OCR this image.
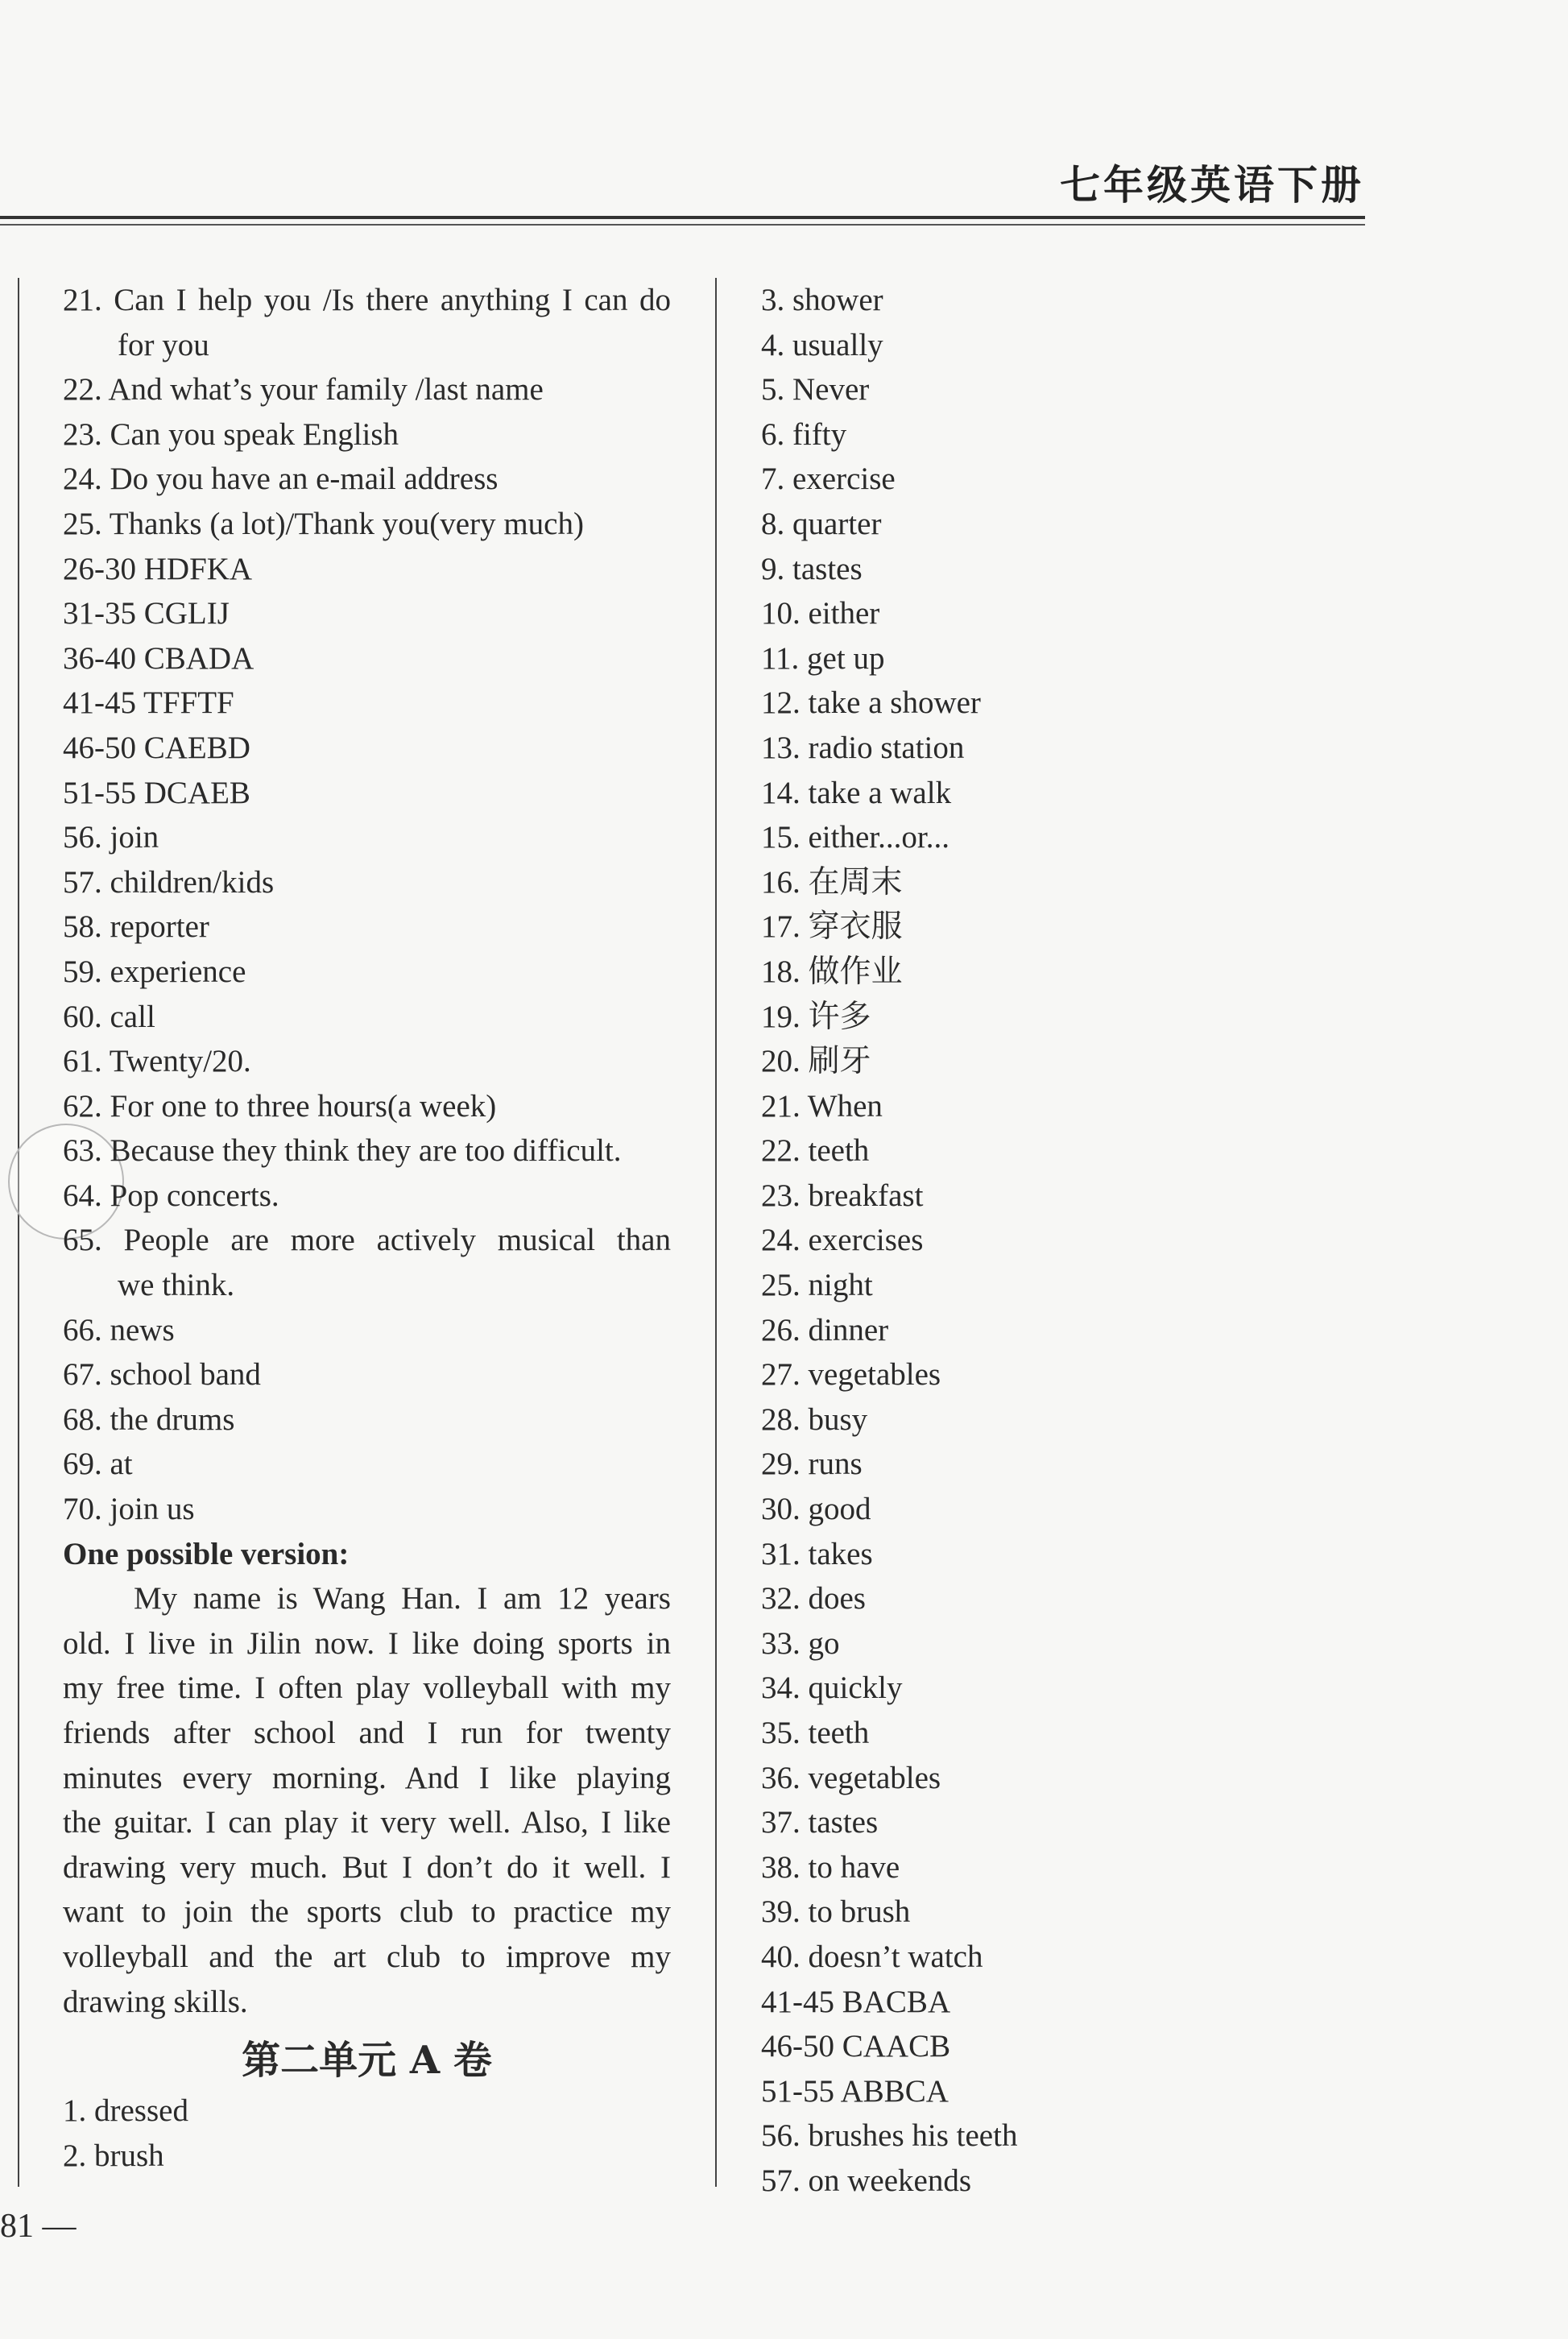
七年级英语下册
21. Can I help you /Is there anything I can do
for you
22. And what’s your family /last name
23. Can you speak English
24. Do you have an e-mail address
25. Thanks (a lot)/Thank you(very much)
26-30 HDFKA
31-35 CGLIJ
36-40 CBADA
41-45 TFFTF
46-50 CAEBD
51-55 DCAEB
56. join
57. children/kids
58. reporter
59. experience
60. call
61. Twenty/20.
62. For one to three hours(a week)
63. Because they think they are too difficult.
64. Pop concerts.
65. People are more actively musical than
we think.
66. news
67. school band
68. the drums
69. at
70. join us
One possible version:
My name is Wang Han. I am 12 years
old. I live in Jilin now. I like doing sports in
my free time. I often play volleyball with my
friends after school and I run for twenty
minutes every morning. And I like playing
the guitar. I can play it very well. Also, I like
drawing very much. But I don’t do it well. I
want to join the sports club to practice my
volleyball and the art club to improve my
drawing skills.
第二单元 A 卷
1. dressed
2. brush
3. shower
4. usually
5. Never
6. fifty
7. exercise
8. quarter
9. tastes
10. either
11. get up
12. take a shower
13. radio station
14. take a walk
15. either...or...
16. 在周末
17. 穿衣服
18. 做作业
19. 许多
20. 刷牙
21. When
22. teeth
23. breakfast
24. exercises
25. night
26. dinner
27. vegetables
28. busy
29. runs
30. good
31. takes
32. does
33. go
34. quickly
35. teeth
36. vegetables
37. tastes
38. to have
39. to brush
40. doesn’t watch
41-45 BACBA
46-50 CAACB
51-55 ABBCA
56. brushes his teeth
57. on weekends
81 —
